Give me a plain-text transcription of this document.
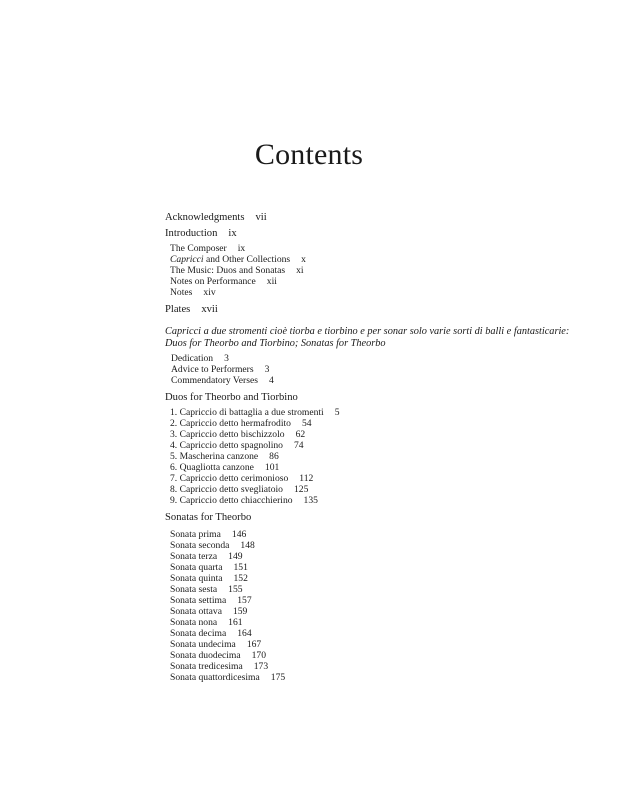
Contents
Acknowledgments vii
Introduction ix
The Composer ix
Capricci and Other Collections x
The Music: Duos and Sonatas xi
Notes on Performance xii
Notes xiv
Plates xvii
Capricci a due stromenti cioè tiorba e tiorbino e per sonar solo varie sorti di balli e fantasticarie:
Duos for Theorbo and Tiorbino; Sonatas for Theorbo
Dedication 3
Advice to Performers 3
Commendatory Verses 4
Duos for Theorbo and Tiorbino
1. Capriccio di battaglia a due stromenti 5
2. Capriccio detto hermafrodito 54
3. Capriccio detto bischizzolo 62
4. Capriccio detto spagnolino 74
5. Mascherina canzone 86
6. Quagliotta canzone 101
7. Capriccio detto cerimonioso 112
8. Capriccio detto svegliatoio 125
9. Capriccio detto chiacchierino 135
Sonatas for Theorbo
Sonata prima 146
Sonata seconda 148
Sonata terza 149
Sonata quarta 151
Sonata quinta 152
Sonata sesta 155
Sonata settima 157
Sonata ottava 159
Sonata nona 161
Sonata decima 164
Sonata undecima 167
Sonata duodecima 170
Sonata tredicesima 173
Sonata quattordicesima 175
